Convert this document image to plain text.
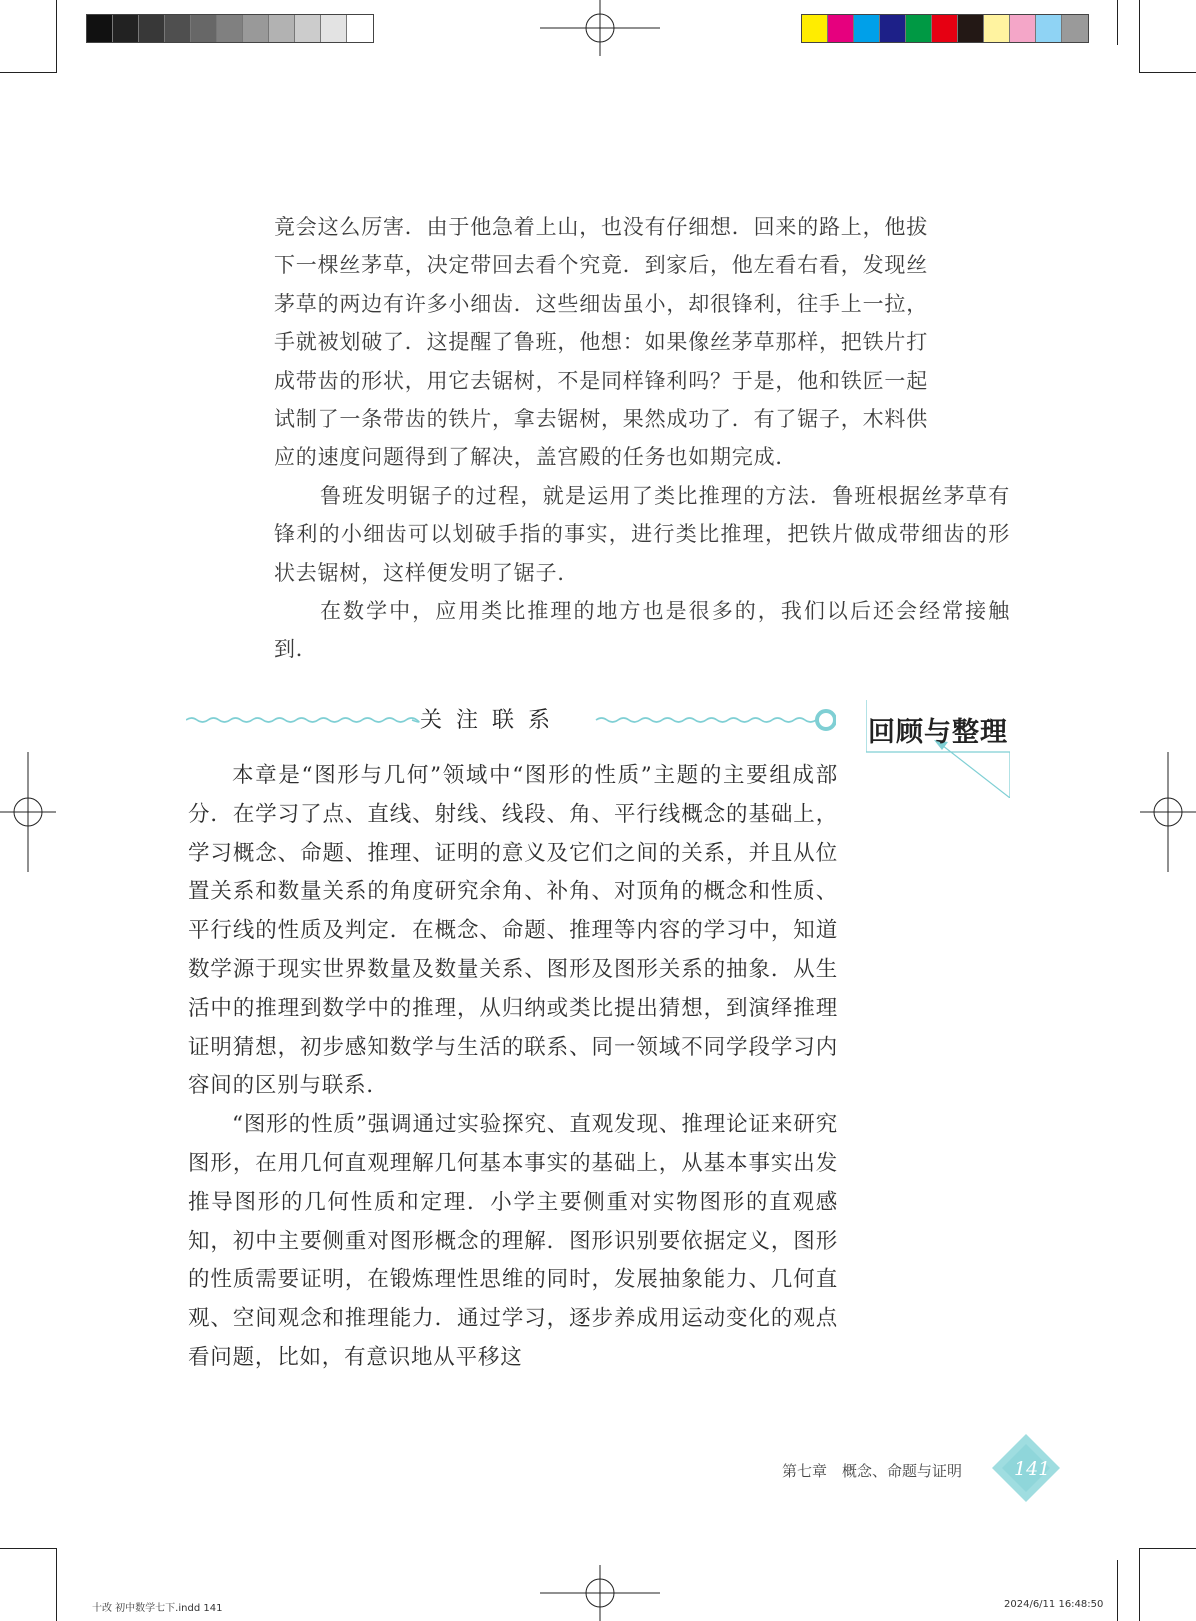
竟会这么厉害．由于他急着上山，也没有仔细想．回来的路上，他拔
下一棵丝茅草，决定带回去看个究竟．到家后，他左看右看，发现丝
茅草的两边有许多小细齿．这些细齿虽小，却很锋利，往手上一拉，
手就被划破了．这提醒了鲁班，他想：如果像丝茅草那样，把铁片打
成带齿的形状，用它去锯树，不是同样锋利吗？于是，他和铁匠一起
试制了一条带齿的铁片，拿去锯树，果然成功了．有了锯子，木料供
应的速度问题得到了解决，盖宫殿的任务也如期完成．

鲁班发明锯子的过程，就是运用了类比推理的方法．鲁班根据丝茅草有锋利的小细齿可以划破手指的事实，进行类比推理，把铁片做成带细齿的形状去锯树，这样便发明了锯子．

在数学中，应用类比推理的地方也是很多的，我们以后还会经常接触到．

关注联系	回顾与整理

本章是“图形与几何”领域中“图形的性质”主题的主要组成部分．在学习了点、直线、射线、线段、角、平行线概念的基础上，学习概念、命题、推理、证明的意义及它们之间的关系，并且从位置关系和数量关系的角度研究余角、补角、对顶角的概念和性质、平行线的性质及判定．在概念、命题、推理等内容的学习中，知道数学源于现实世界数量及数量关系、图形及图形关系的抽象．从生活中的推理到数学中的推理，从归纳或类比提出猜想，到演绎推理证明猜想，初步感知数学与生活的联系、同一领域不同学段学习内容间的区别与联系．

“图形的性质”强调通过实验探究、直观发现、推理论证来研究图形，在用几何直观理解几何基本事实的基础上，从基本事实出发推导图形的几何性质和定理．小学主要侧重对实物图形的直观感知，初中主要侧重对图形概念的理解．图形识别要依据定义，图形的性质需要证明，在锻炼理性思维的同时，发展抽象能力、几何直观、空间观念和推理能力．通过学习，逐步养成用运动变化的观点看问题，比如，有意识地从平移这

第七章　概念、命题与证明	141
十改 初中数学七下.indd 141	2024/6/11 16:48:50
